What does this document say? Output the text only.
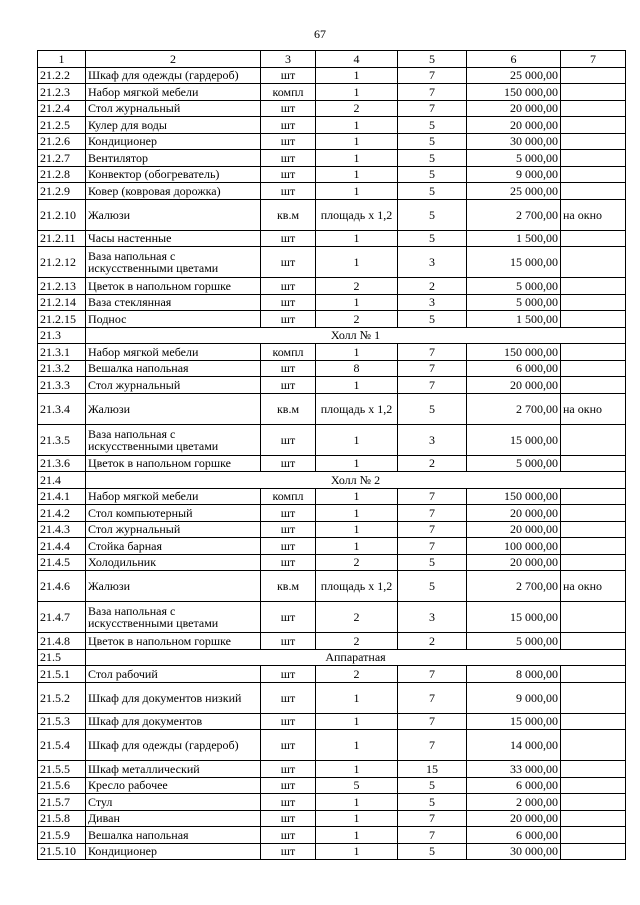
67
1	2	3	4	5	6	7
21.2.2	Шкаф для одежды (гардероб)	шт	1	7	25 000,00	
21.2.3	Набор мягкой мебели	компл	1	7	150 000,00	
21.2.4	Стол журнальный	шт	2	7	20 000,00	
21.2.5	Кулер для воды	шт	1	5	20 000,00	
21.2.6	Кондиционер	шт	1	5	30 000,00	
21.2.7	Вентилятор	шт	1	5	5 000,00	
21.2.8	Конвектор (обогреватель)	шт	1	5	9 000,00	
21.2.9	Ковер (ковровая дорожка)	шт	1	5	25 000,00	
21.2.10	Жалюзи	кв.м	площадь х 1,2	5	2 700,00	на окно
21.2.11	Часы настенные	шт	1	5	1 500,00	
21.2.12	Ваза напольная с искусственными цветами	шт	1	3	15 000,00	
21.2.13	Цветок в напольном горшке	шт	2	2	5 000,00	
21.2.14	Ваза стеклянная	шт	1	3	5 000,00	
21.2.15	Поднос	шт	2	5	1 500,00	
21.3	Холл № 1					
21.3.1	Набор мягкой мебели	компл	1	7	150 000,00	
21.3.2	Вешалка напольная	шт	8	7	6 000,00	
21.3.3	Стол журнальный	шт	1	7	20 000,00	
21.3.4	Жалюзи	кв.м	площадь х 1,2	5	2 700,00	на окно
21.3.5	Ваза напольная с искусственными цветами	шт	1	3	15 000,00	
21.3.6	Цветок в напольном горшке	шт	1	2	5 000,00	
21.4	Холл № 2					
21.4.1	Набор мягкой мебели	компл	1	7	150 000,00	
21.4.2	Стол компьютерный	шт	1	7	20 000,00	
21.4.3	Стол журнальный	шт	1	7	20 000,00	
21.4.4	Стойка барная	шт	1	7	100 000,00	
21.4.5	Холодильник	шт	2	5	20 000,00	
21.4.6	Жалюзи	кв.м	площадь х 1,2	5	2 700,00	на окно
21.4.7	Ваза напольная с искусственными цветами	шт	2	3	15 000,00	
21.4.8	Цветок в напольном горшке	шт	2	2	5 000,00	
21.5	Аппаратная					
21.5.1	Стол рабочий	шт	2	7	8 000,00	
21.5.2	Шкаф для документов низкий	шт	1	7	9 000,00	
21.5.3	Шкаф для документов	шт	1	7	15 000,00	
21.5.4	Шкаф для одежды (гардероб)	шт	1	7	14 000,00	
21.5.5	Шкаф металлический	шт	1	15	33 000,00	
21.5.6	Кресло рабочее	шт	5	5	6 000,00	
21.5.7	Стул	шт	1	5	2 000,00	
21.5.8	Диван	шт	1	7	20 000,00	
21.5.9	Вешалка напольная	шт	1	7	6 000,00	
21.5.10	Кондиционер	шт	1	5	30 000,00	
